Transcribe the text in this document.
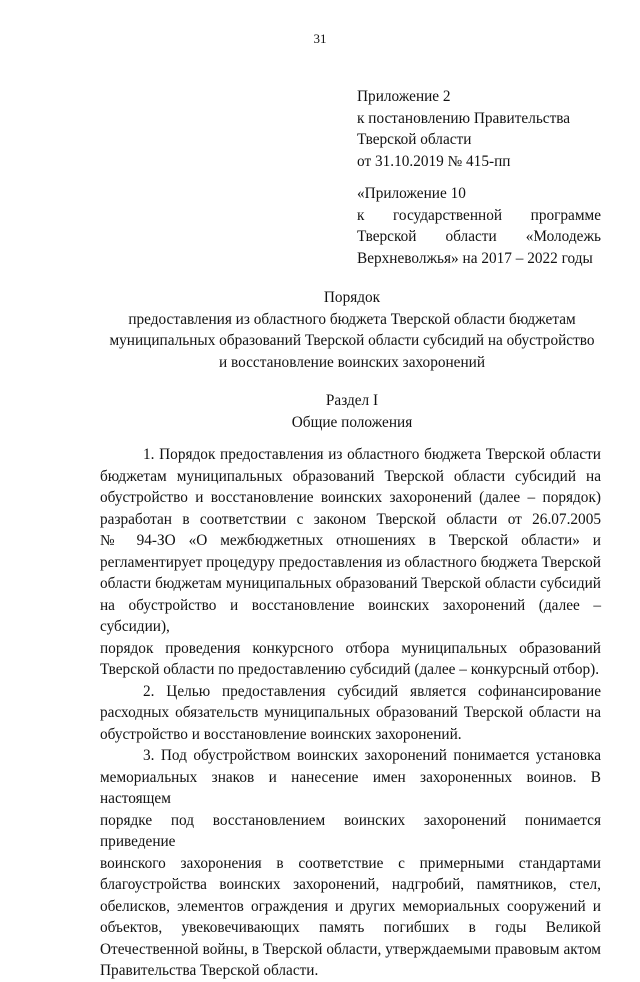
31
Приложение 2
к постановлению Правительства
Тверской области
от 31.10.2019 № 415-пп
«Приложение 10
к государственной программе
Тверской области «Молодежь
Верхневолжья» на 2017 – 2022 годы
Порядок
предоставления из областного бюджета Тверской области бюджетам
муниципальных образований Тверской области субсидий на обустройство
и восстановление воинских захоронений
Раздел I
Общие положения
1. Порядок предоставления из областного бюджета Тверской области
бюджетам муниципальных образований Тверской области субсидий на
обустройство и восстановление воинских захоронений (далее – порядок)
разработан в соответствии с законом Тверской области от 26.07.2005
№ 94-ЗО «О межбюджетных отношениях в Тверской области» и
регламентирует процедуру предоставления из областного бюджета Тверской
области бюджетам муниципальных образований Тверской области субсидий
на обустройство и восстановление воинских захоронений (далее – субсидии),
порядок проведения конкурсного отбора муниципальных образований
Тверской области по предоставлению субсидий (далее – конкурсный отбор).
2. Целью предоставления субсидий является софинансирование
расходных обязательств муниципальных образований Тверской области на
обустройство и восстановление воинских захоронений.
3. Под обустройством воинских захоронений понимается установка
мемориальных знаков и нанесение имен захороненных воинов. В настоящем
порядке под восстановлением воинских захоронений понимается приведение
воинского захоронения в соответствие с примерными стандартами
благоустройства воинских захоронений, надгробий, памятников, стел,
обелисков, элементов ограждения и других мемориальных сооружений и
объектов, увековечивающих память погибших в годы Великой
Отечественной войны, в Тверской области, утверждаемыми правовым актом
Правительства Тверской области.
